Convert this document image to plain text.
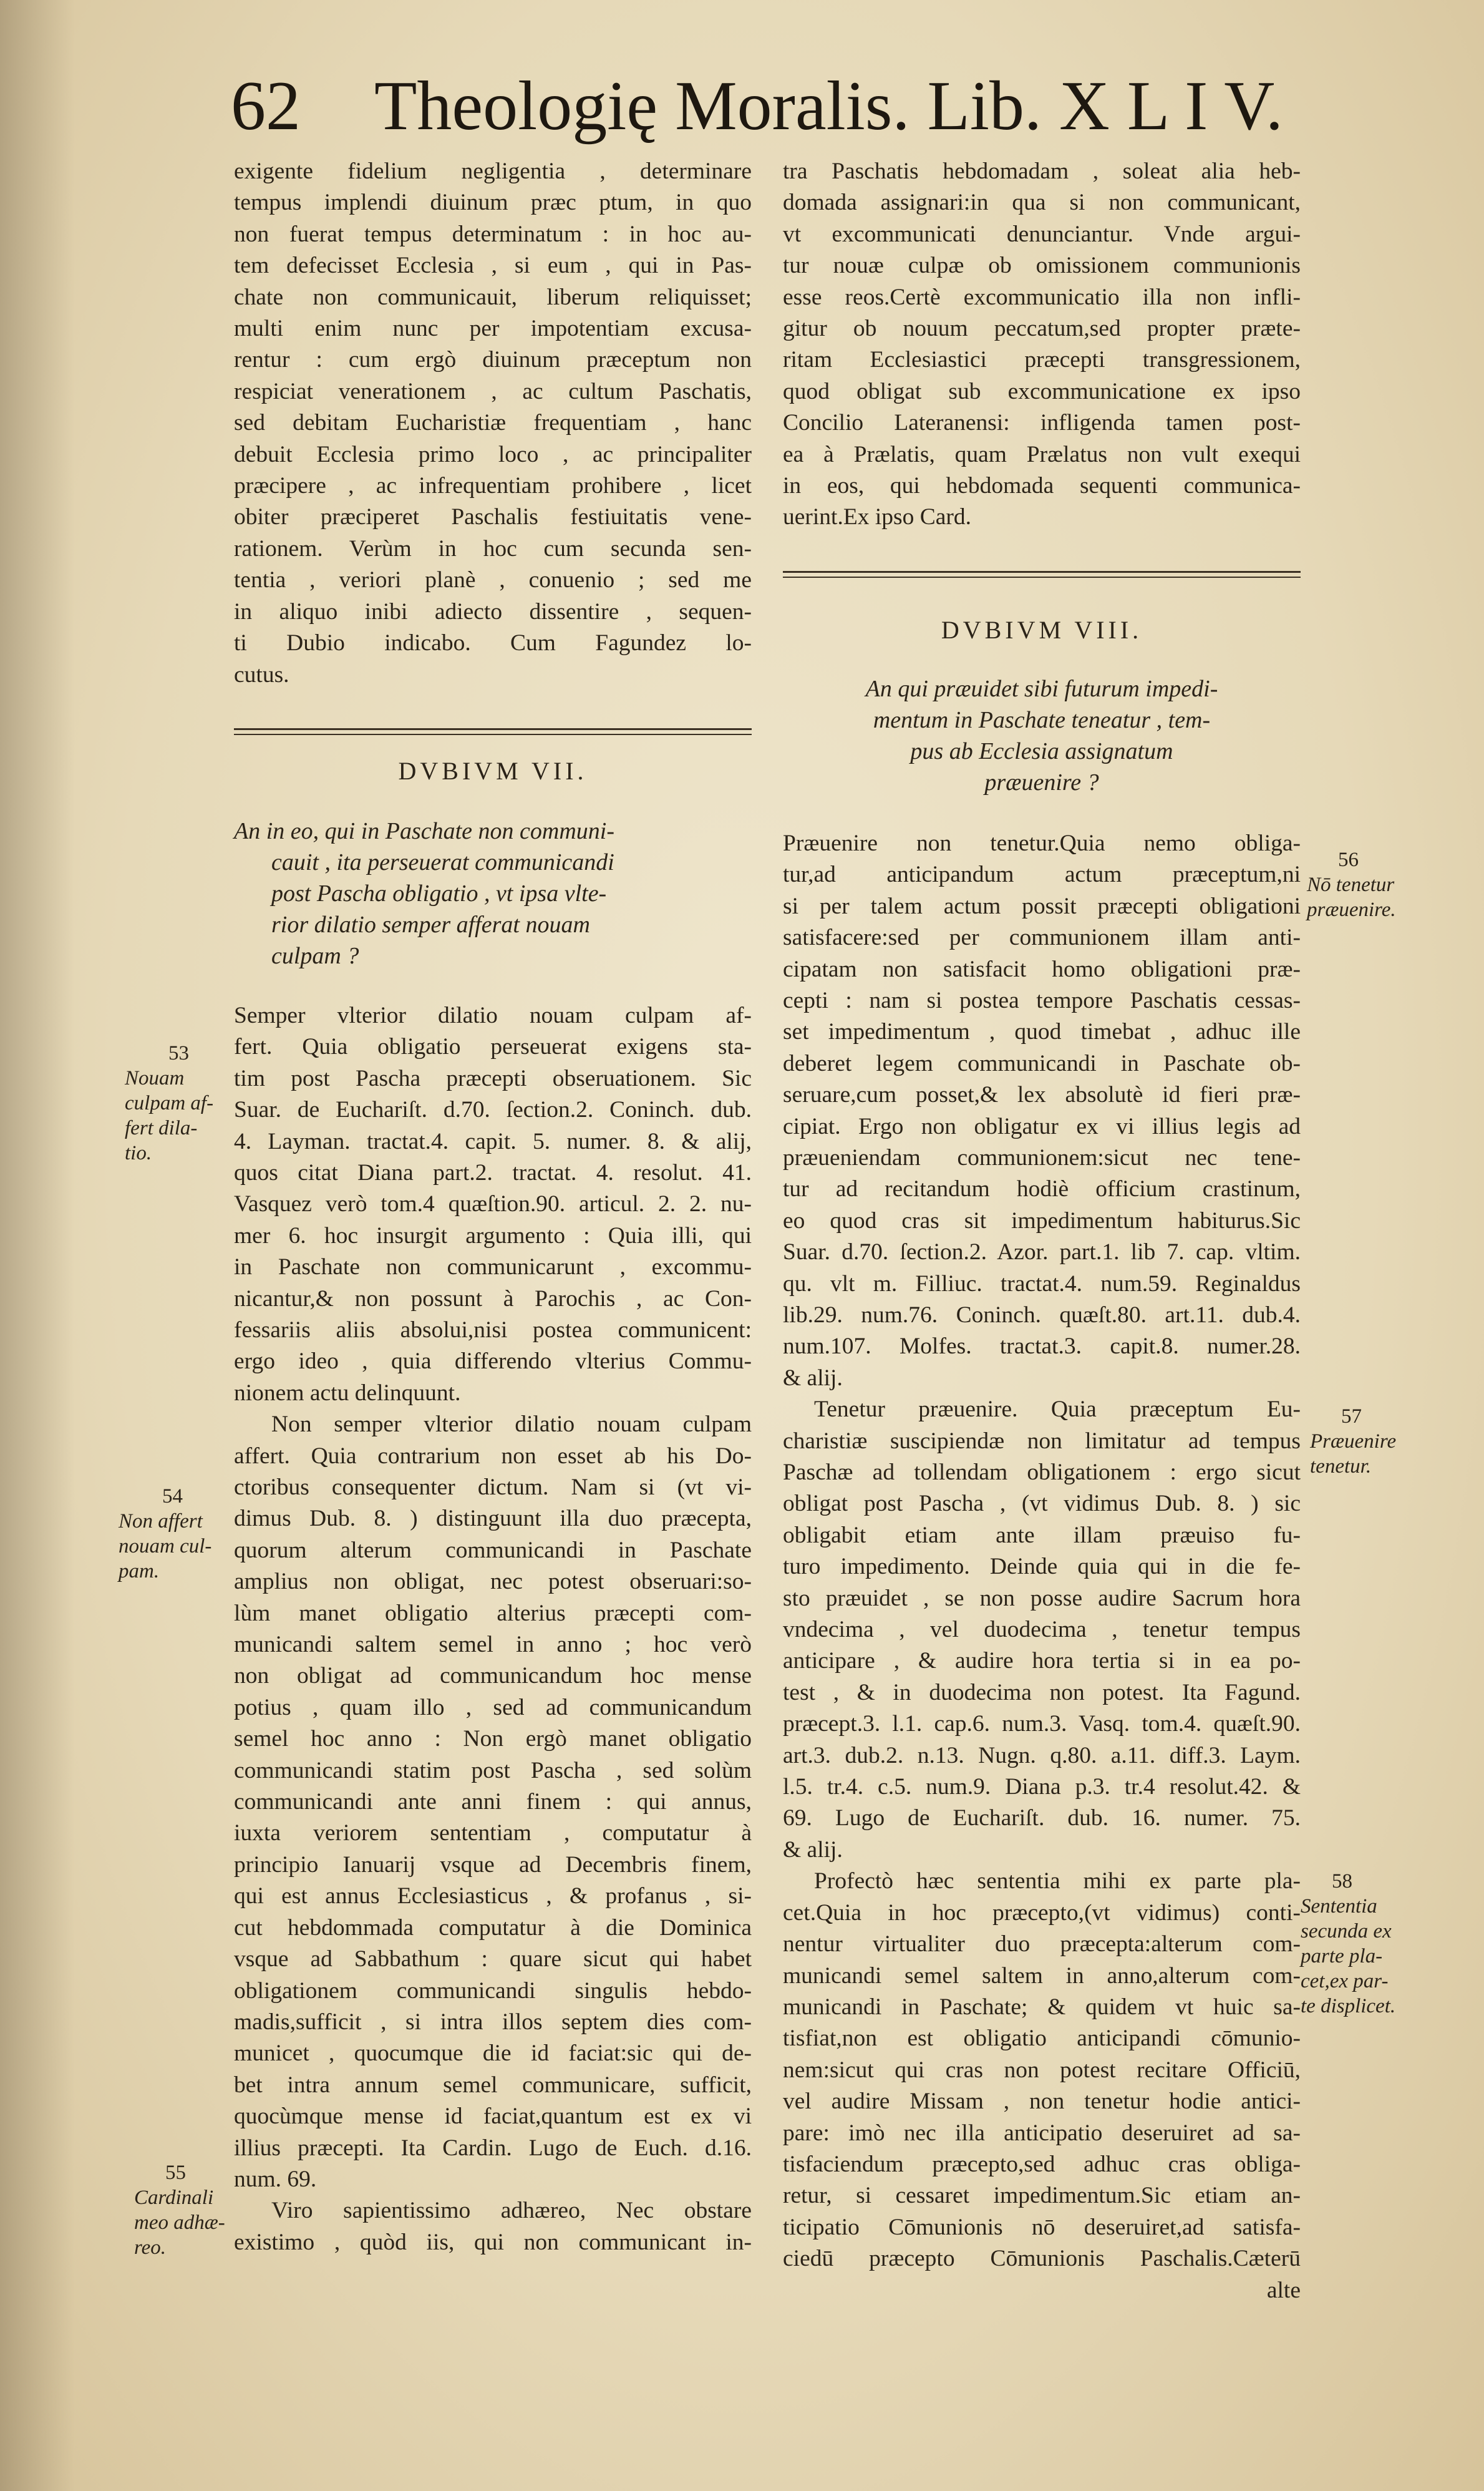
62 Theologię Moralis. Lib. X L I V.
exigente fidelium negligentia , determinare
tempus implendi diuinum præc ptum, in quo
non fuerat tempus determinatum : in hoc au-
tem defecisset Ecclesia , si eum , qui in Pas-
chate non communicauit, liberum reliquisset;
multi enim nunc per impotentiam excusa-
rentur : cum ergò diuinum præceptum non
respiciat venerationem , ac cultum Paschatis,
sed debitam Eucharistiæ frequentiam , hanc
debuit Ecclesia primo loco , ac principaliter
præcipere , ac infrequentiam prohibere , licet
obiter præciperet Paschalis festiuitatis vene-
rationem. Verùm in hoc cum secunda sen-
tentia , veriori planè , conuenio ; sed me
in aliquo inibi adiecto dissentire , sequen-
ti Dubio indicabo. Cum Fagundez lo-
cutus.
DVBIVM VII.
An in eo, qui in Paschate non communi-
cauit , ita perseuerat communicandi
post Pascha obligatio , vt ipsa vlte-
rior dilatio semper afferat nouam
culpam ?
Semper vlterior dilatio nouam culpam af-
fert. Quia obligatio perseuerat exigens sta-
tim post Pascha præcepti obseruationem. Sic
Suar. de Euchariſt. d.70. ſection.2. Coninch. dub.
4. Layman. tractat.4. capit. 5. numer. 8. & alij,
quos citat Diana part.2. tractat. 4. resolut. 41.
Vasquez verò tom.4 quæſtion.90. articul. 2. 2. nu-
mer 6. hoc insurgit argumento : Quia illi, qui
in Paschate non communicarunt , excommu-
nicantur,& non possunt à Parochis , ac Con-
fessariis aliis absolui,nisi postea communicent:
ergo ideo , quia differendo vlterius Commu-
nionem actu delinquunt.
Non semper vlterior dilatio nouam culpam
affert. Quia contrarium non esset ab his Do-
ctoribus consequenter dictum. Nam si (vt vi-
dimus Dub. 8. ) distinguunt illa duo præcepta,
quorum alterum communicandi in Paschate
amplius non obligat, nec potest obseruari:so-
lùm manet obligatio alterius præcepti com-
municandi saltem semel in anno ; hoc verò
non obligat ad communicandum hoc mense
potius , quam illo , sed ad communicandum
semel hoc anno : Non ergò manet obligatio
communicandi statim post Pascha , sed solùm
communicandi ante anni finem : qui annus,
iuxta veriorem sententiam , computatur à
principio Ianuarij vsque ad Decembris finem,
qui est annus Ecclesiasticus , & profanus , si-
cut hebdommada computatur à die Dominica
vsque ad Sabbathum : quare sicut qui habet
obligationem communicandi singulis hebdo-
madis,sufficit , si intra illos septem dies com-
municet , quocumque die id faciat:sic qui de-
bet intra annum semel communicare, sufficit,
quocùmque mense id faciat,quantum est ex vi
illius præcepti. Ita Cardin. Lugo de Euch. d.16.
num. 69.
Viro sapientissimo adhæreo, Nec obstare
existimo , quòd iis, qui non communicant in-
53
Nouam
culpam af-
fert dila-
tio.
54
Non affert
nouam cul-
pam.
55
Cardinali
meo adhæ-
reo.
tra Paschatis hebdomadam , soleat alia heb-
domada assignari:in qua si non communicant,
vt excommunicati denunciantur. Vnde argui-
tur nouæ culpæ ob omissionem communionis
esse reos.Certè excommunicatio illa non infli-
gitur ob nouum peccatum,sed propter præte-
ritam Ecclesiastici præcepti transgressionem,
quod obligat sub excommunicatione ex ipso
Concilio Lateranensi: infligenda tamen post-
ea à Prælatis, quam Prælatus non vult exequi
in eos, qui hebdomada sequenti communica-
uerint.Ex ipso Card.
DVBIVM VIII.
An qui præuidet sibi futurum impedi-
mentum in Paschate teneatur , tem-
pus ab Ecclesia assignatum
præuenire ?
Præuenire non tenetur.Quia nemo obliga-
tur,ad anticipandum actum præceptum,ni
si per talem actum possit præcepti obligationi
satisfacere:sed per communionem illam anti-
cipatam non satisfacit homo obligationi præ-
cepti : nam si postea tempore Paschatis cessas-
set impedimentum , quod timebat , adhuc ille
deberet legem communicandi in Paschate ob-
seruare,cum posset,& lex absolutè id fieri præ-
cipiat. Ergo non obligatur ex vi illius legis ad
præueniendam communionem:sicut nec tene-
tur ad recitandum hodiè officium crastinum,
eo quod cras sit impedimentum habiturus.Sic
Suar. d.70. ſection.2. Azor. part.1. lib 7. cap. vltim.
qu. vlt m. Filliuc. tractat.4. num.59. Reginaldus
lib.29. num.76. Coninch. quæſt.80. art.11. dub.4.
num.107. Molfes. tractat.3. capit.8. numer.28.
& alij.
Tenetur præuenire. Quia præceptum Eu-
charistiæ suscipiendæ non limitatur ad tempus
Paschæ ad tollendam obligationem : ergo sicut
obligat post Pascha , (vt vidimus Dub. 8. ) sic
obligabit etiam ante illam præuiso fu-
turo impedimento. Deinde quia qui in die fe-
sto præuidet , se non posse audire Sacrum hora
vndecima , vel duodecima , tenetur tempus
anticipare , & audire hora tertia si in ea po-
test , & in duodecima non potest. Ita Fagund.
præcept.3. l.1. cap.6. num.3. Vasq. tom.4. quæſt.90.
art.3. dub.2. n.13. Nugn. q.80. a.11. diff.3. Laym.
l.5. tr.4. c.5. num.9. Diana p.3. tr.4 resolut.42. &
69. Lugo de Euchariſt. dub. 16. numer. 75.
& alij.
Profectò hæc sententia mihi ex parte pla-
cet.Quia in hoc præcepto,(vt vidimus) conti-
nentur virtualiter duo præcepta:alterum com-
municandi semel saltem in anno,alterum com-
municandi in Paschate; & quidem vt huic sa-
tisfiat,non est obligatio anticipandi cōmunio-
nem:sicut qui cras non potest recitare Officiū,
vel audire Missam , non tenetur hodie antici-
pare: imò nec illa anticipatio deseruiret ad sa-
tisfaciendum præcepto,sed adhuc cras obliga-
retur, si cessaret impedimentum.Sic etiam an-
ticipatio Cōmunionis nō deseruiret,ad satisfa-
ciedū præcepto Cōmunionis Paschalis.Cæterū
alte
56
Nō tenetur
præuenire.
57
Præuenire
tenetur.
58
Sententia
secunda ex
parte pla-
cet,ex par-
te displicet.
